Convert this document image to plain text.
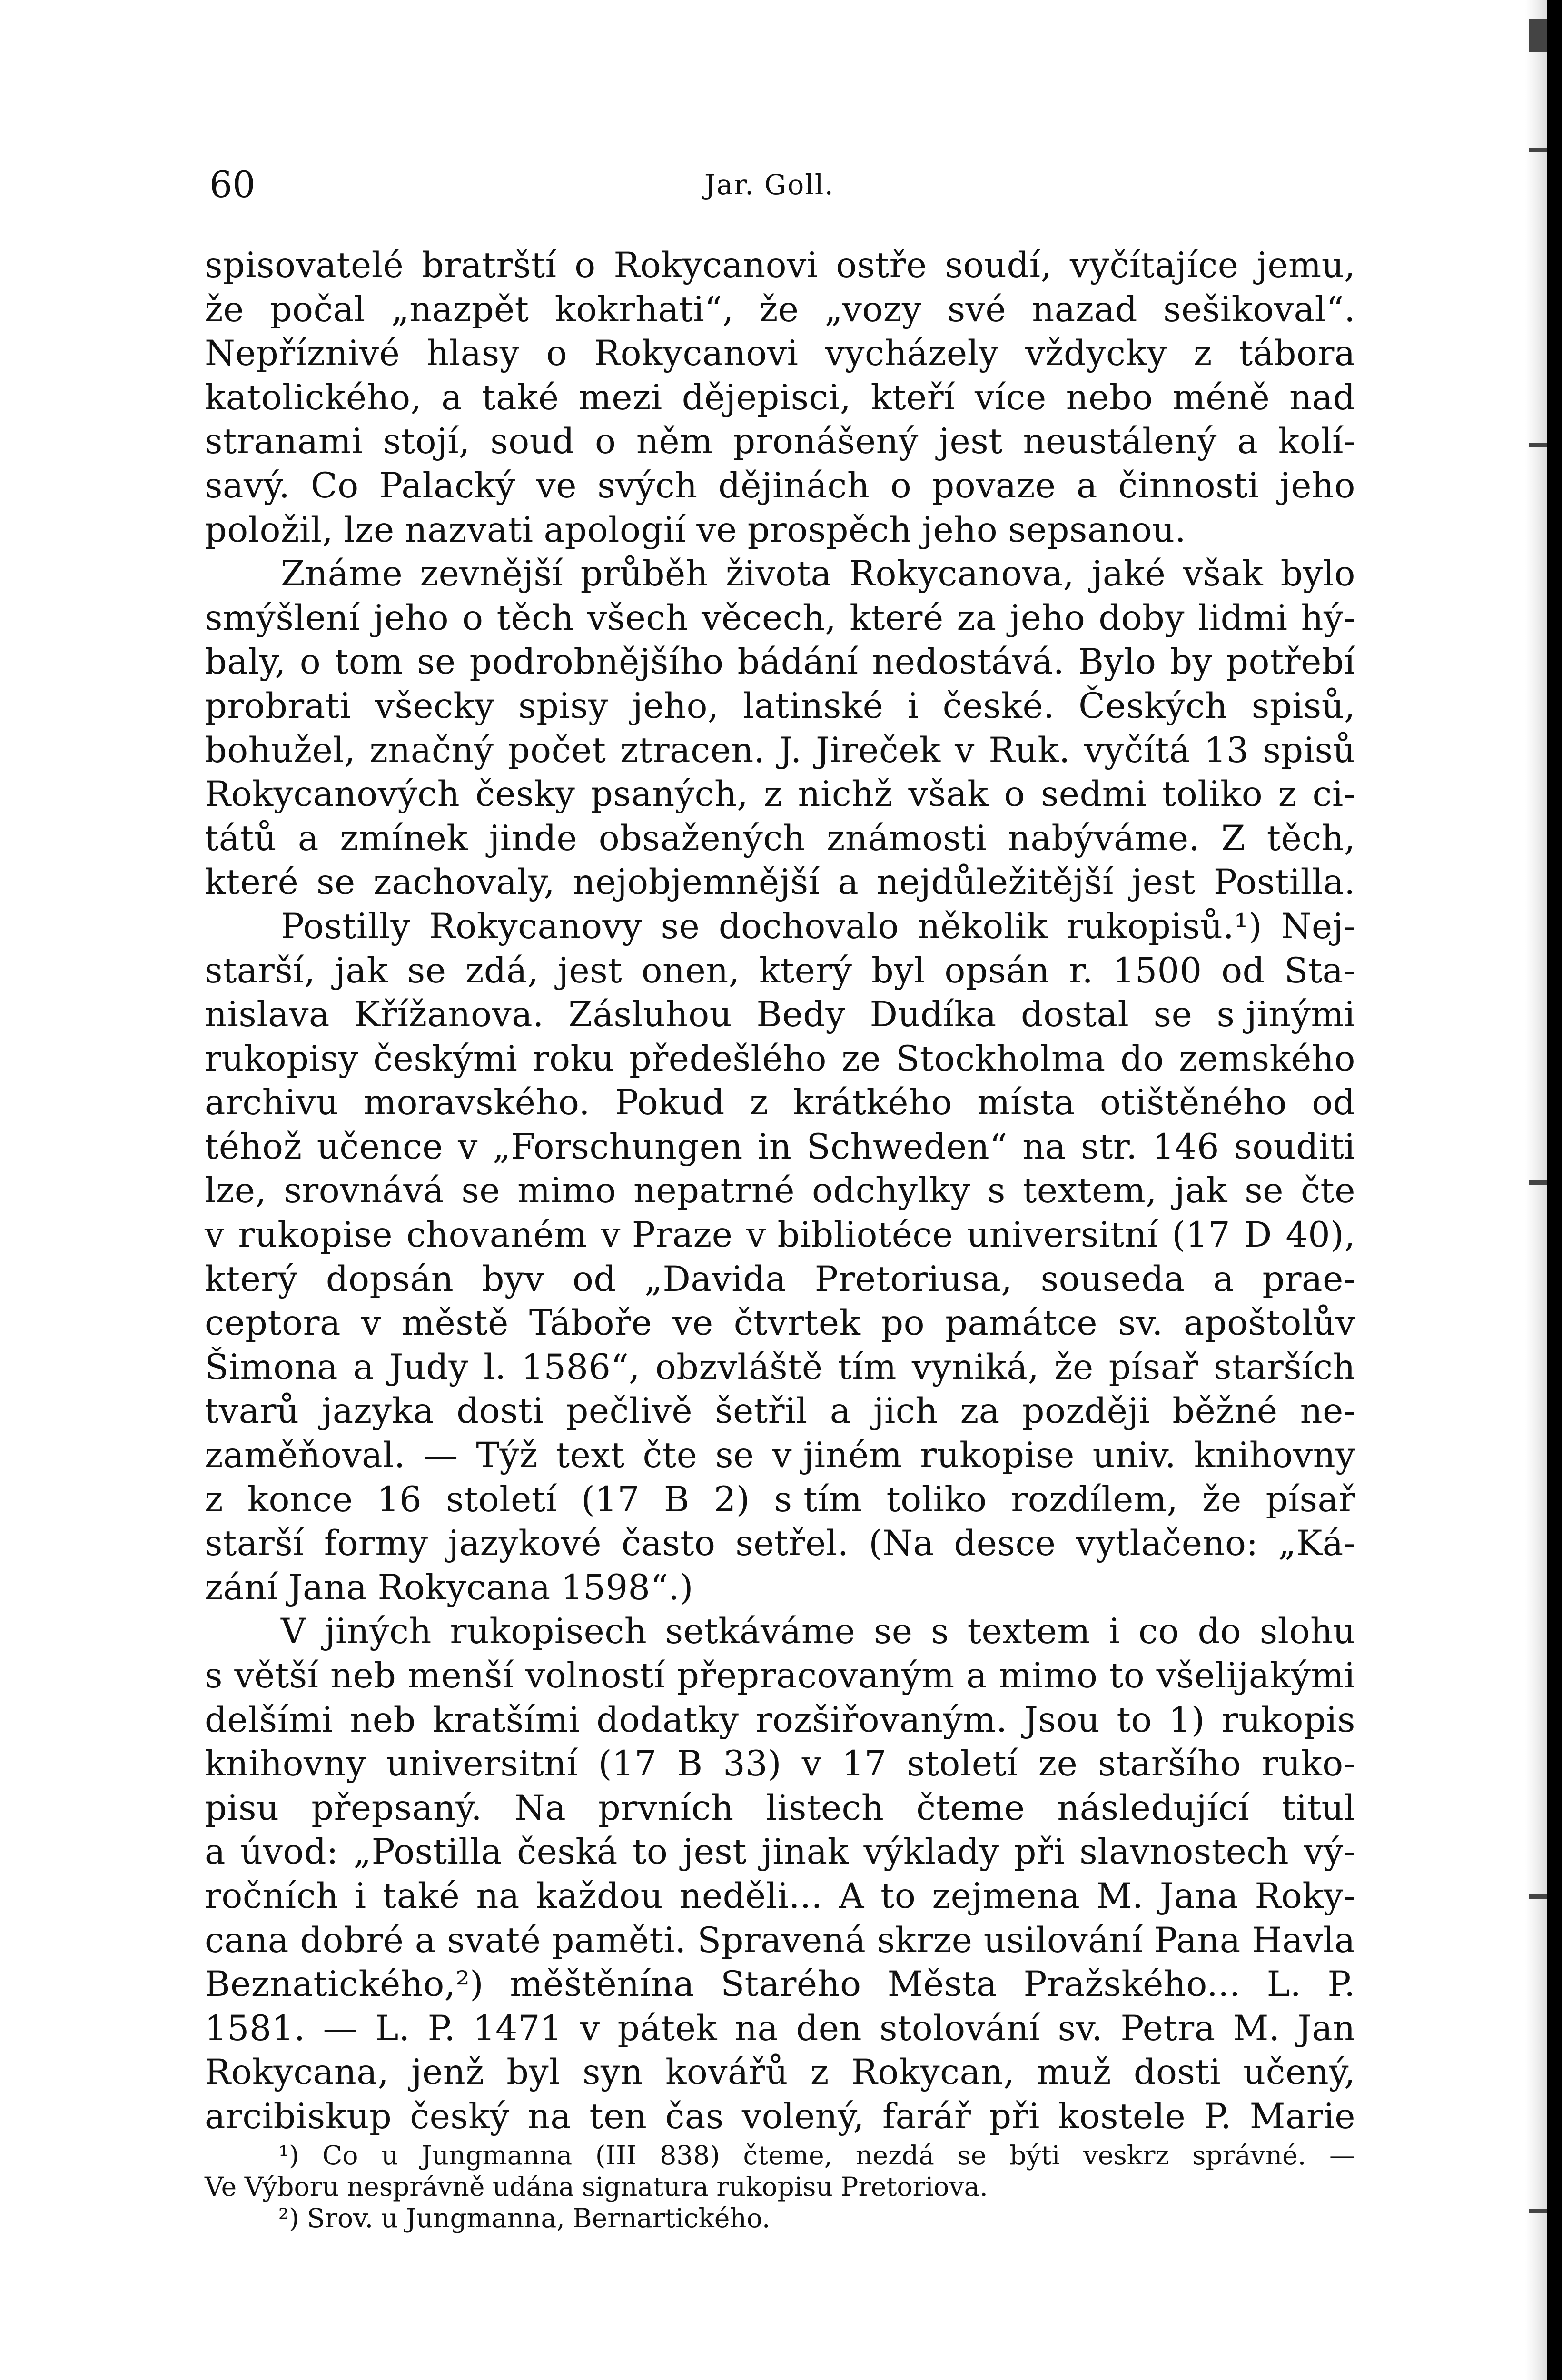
60	Jar. Goll.
spisovatelé bratrští o Rokycanovi ostře soudí, vyčítajíce jemu,
že počal „nazpět kokrhati“, že „vozy své nazad sešikoval“.
Nepříznivé hlasy o Rokycanovi vycházely vždycky z tábora
katolického, a také mezi dějepisci, kteří více nebo méně nad
stranami stojí, soud o něm pronášený jest neustálený a kolí-
savý. Co Palacký ve svých dějinách o povaze a činnosti jeho
položil, lze nazvati apologií ve prospěch jeho sepsanou.
Známe zevnější průběh života Rokycanova, jaké však bylo
smýšlení jeho o těch všech věcech, které za jeho doby lidmi hý-
baly, o tom se podrobnějšího bádání nedostává. Bylo by potřebí
probrati všecky spisy jeho, latinské i české. Českých spisů,
bohužel, značný počet ztracen. J. Jireček v Ruk. vyčítá 13 spisů
Rokycanových česky psaných, z nichž však o sedmi toliko z ci-
tátů a zmínek jinde obsažených známosti nabýváme. Z těch,
které se zachovaly, nejobjemnější a nejdůležitější jest Postilla.
Postilly Rokycanovy se dochovalo několik rukopisů.¹) Nej-
starší, jak se zdá, jest onen, který byl opsán r. 1500 od Sta-
nislava Křížanova. Zásluhou Bedy Dudíka dostal se s jinými
rukopisy českými roku předešlého ze Stockholma do zemského
archivu moravského. Pokud z krátkého místa otištěného od
téhož učence v „Forschungen in Schweden“ na str. 146 souditi
lze, srovnává se mimo nepatrné odchylky s textem, jak se čte
v rukopise chovaném v Praze v bibliotéce universitní (17 D 40),
který dopsán byv od „Davida Pretoriusa, souseda a prae-
ceptora v městě Táboře ve čtvrtek po památce sv. apoštolův
Šimona a Judy l. 1586“, obzvláště tím vyniká, že písař starších
tvarů jazyka dosti pečlivě šetřil a jich za později běžné ne-
zaměňoval. — Týž text čte se v jiném rukopise univ. knihovny
z konce 16 století (17 B 2) s tím toliko rozdílem, že písař
starší formy jazykové často setřel. (Na desce vytlačeno: „Ká-
zání Jana Rokycana 1598“.)
V jiných rukopisech setkáváme se s textem i co do slohu
s větší neb menší volností přepracovaným a mimo to všelijakými
delšími neb kratšími dodatky rozšiřovaným. Jsou to 1) rukopis
knihovny universitní (17 B 33) v 17 století ze staršího ruko-
pisu přepsaný. Na prvních listech čteme následující titul
a úvod: „Postilla česká to jest jinak výklady při slavnostech vý-
ročních i také na každou neděli... A to zejmena M. Jana Roky-
cana dobré a svaté paměti. Spravená skrze usilování Pana Havla
Beznatického,²) měštěnína Starého Města Pražského... L. P.
1581. — L. P. 1471 v pátek na den stolování sv. Petra M. Jan
Rokycana, jenž byl syn kovářů z Rokycan, muž dosti učený,
arcibiskup český na ten čas volený, farář při kostele P. Marie
¹) Co u Jungmanna (III 838) čteme, nezdá se býti veskrz správné. —
Ve Výboru nesprávně udána signatura rukopisu Pretoriova.
²) Srov. u Jungmanna, Bernartického.
